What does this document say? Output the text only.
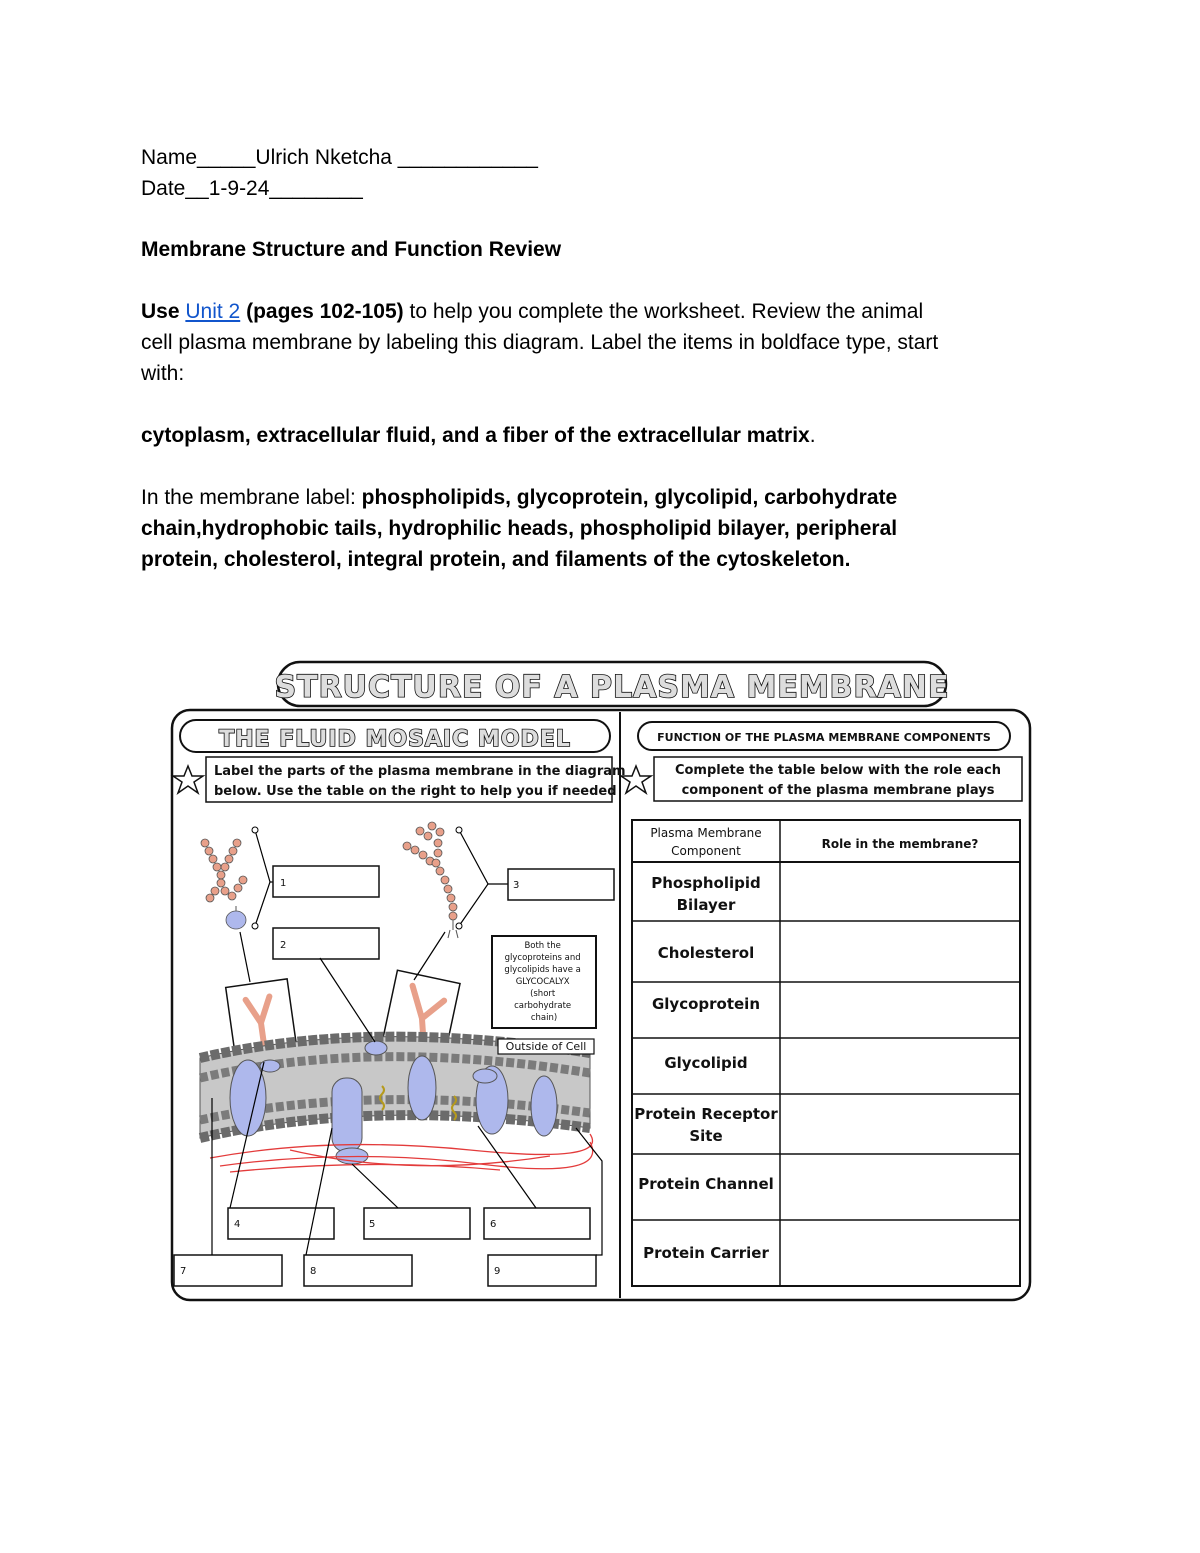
Name_____Ulrich Nketcha ____________
Date__1-9-24________
Membrane Structure and Function Review
Use Unit 2 (pages 102-105) to help you complete the worksheet. Review the animal
cell plasma membrane by labeling this diagram. Label the items in boldface type, start
with:
cytoplasm, extracellular fluid, and a fiber of the extracellular matrix.
In the membrane label: phospholipids, glycoprotein, glycolipid, carbohydrate
chain,hydrophobic tails, hydrophilic heads, phospholipid bilayer, peripheral
protein, cholesterol, integral protein, and filaments of the cytoskeleton.
STRUCTURE OF A PLASMA MEMBRANE
THE FLUID MOSAIC MODEL
Label the parts of the plasma membrane in the diagram
below. Use the table on the right to help you if needed
FUNCTION OF THE PLASMA MEMBRANE COMPONENTS
Complete the table below with the role each
component of the plasma membrane plays
Plasma Membrane
Component	Role in the membrane?
Phospholipid
Bilayer
Cholesterol
Glycoprotein
Glycolipid
Protein Receptor
Site
Protein Channel
Protein Carrier
Both the glycoproteins and glycolipids have a GLYCOCALYX (short carbohydrate chain)
Outside of Cell
1
2
3
4	5	6
7	8	9
